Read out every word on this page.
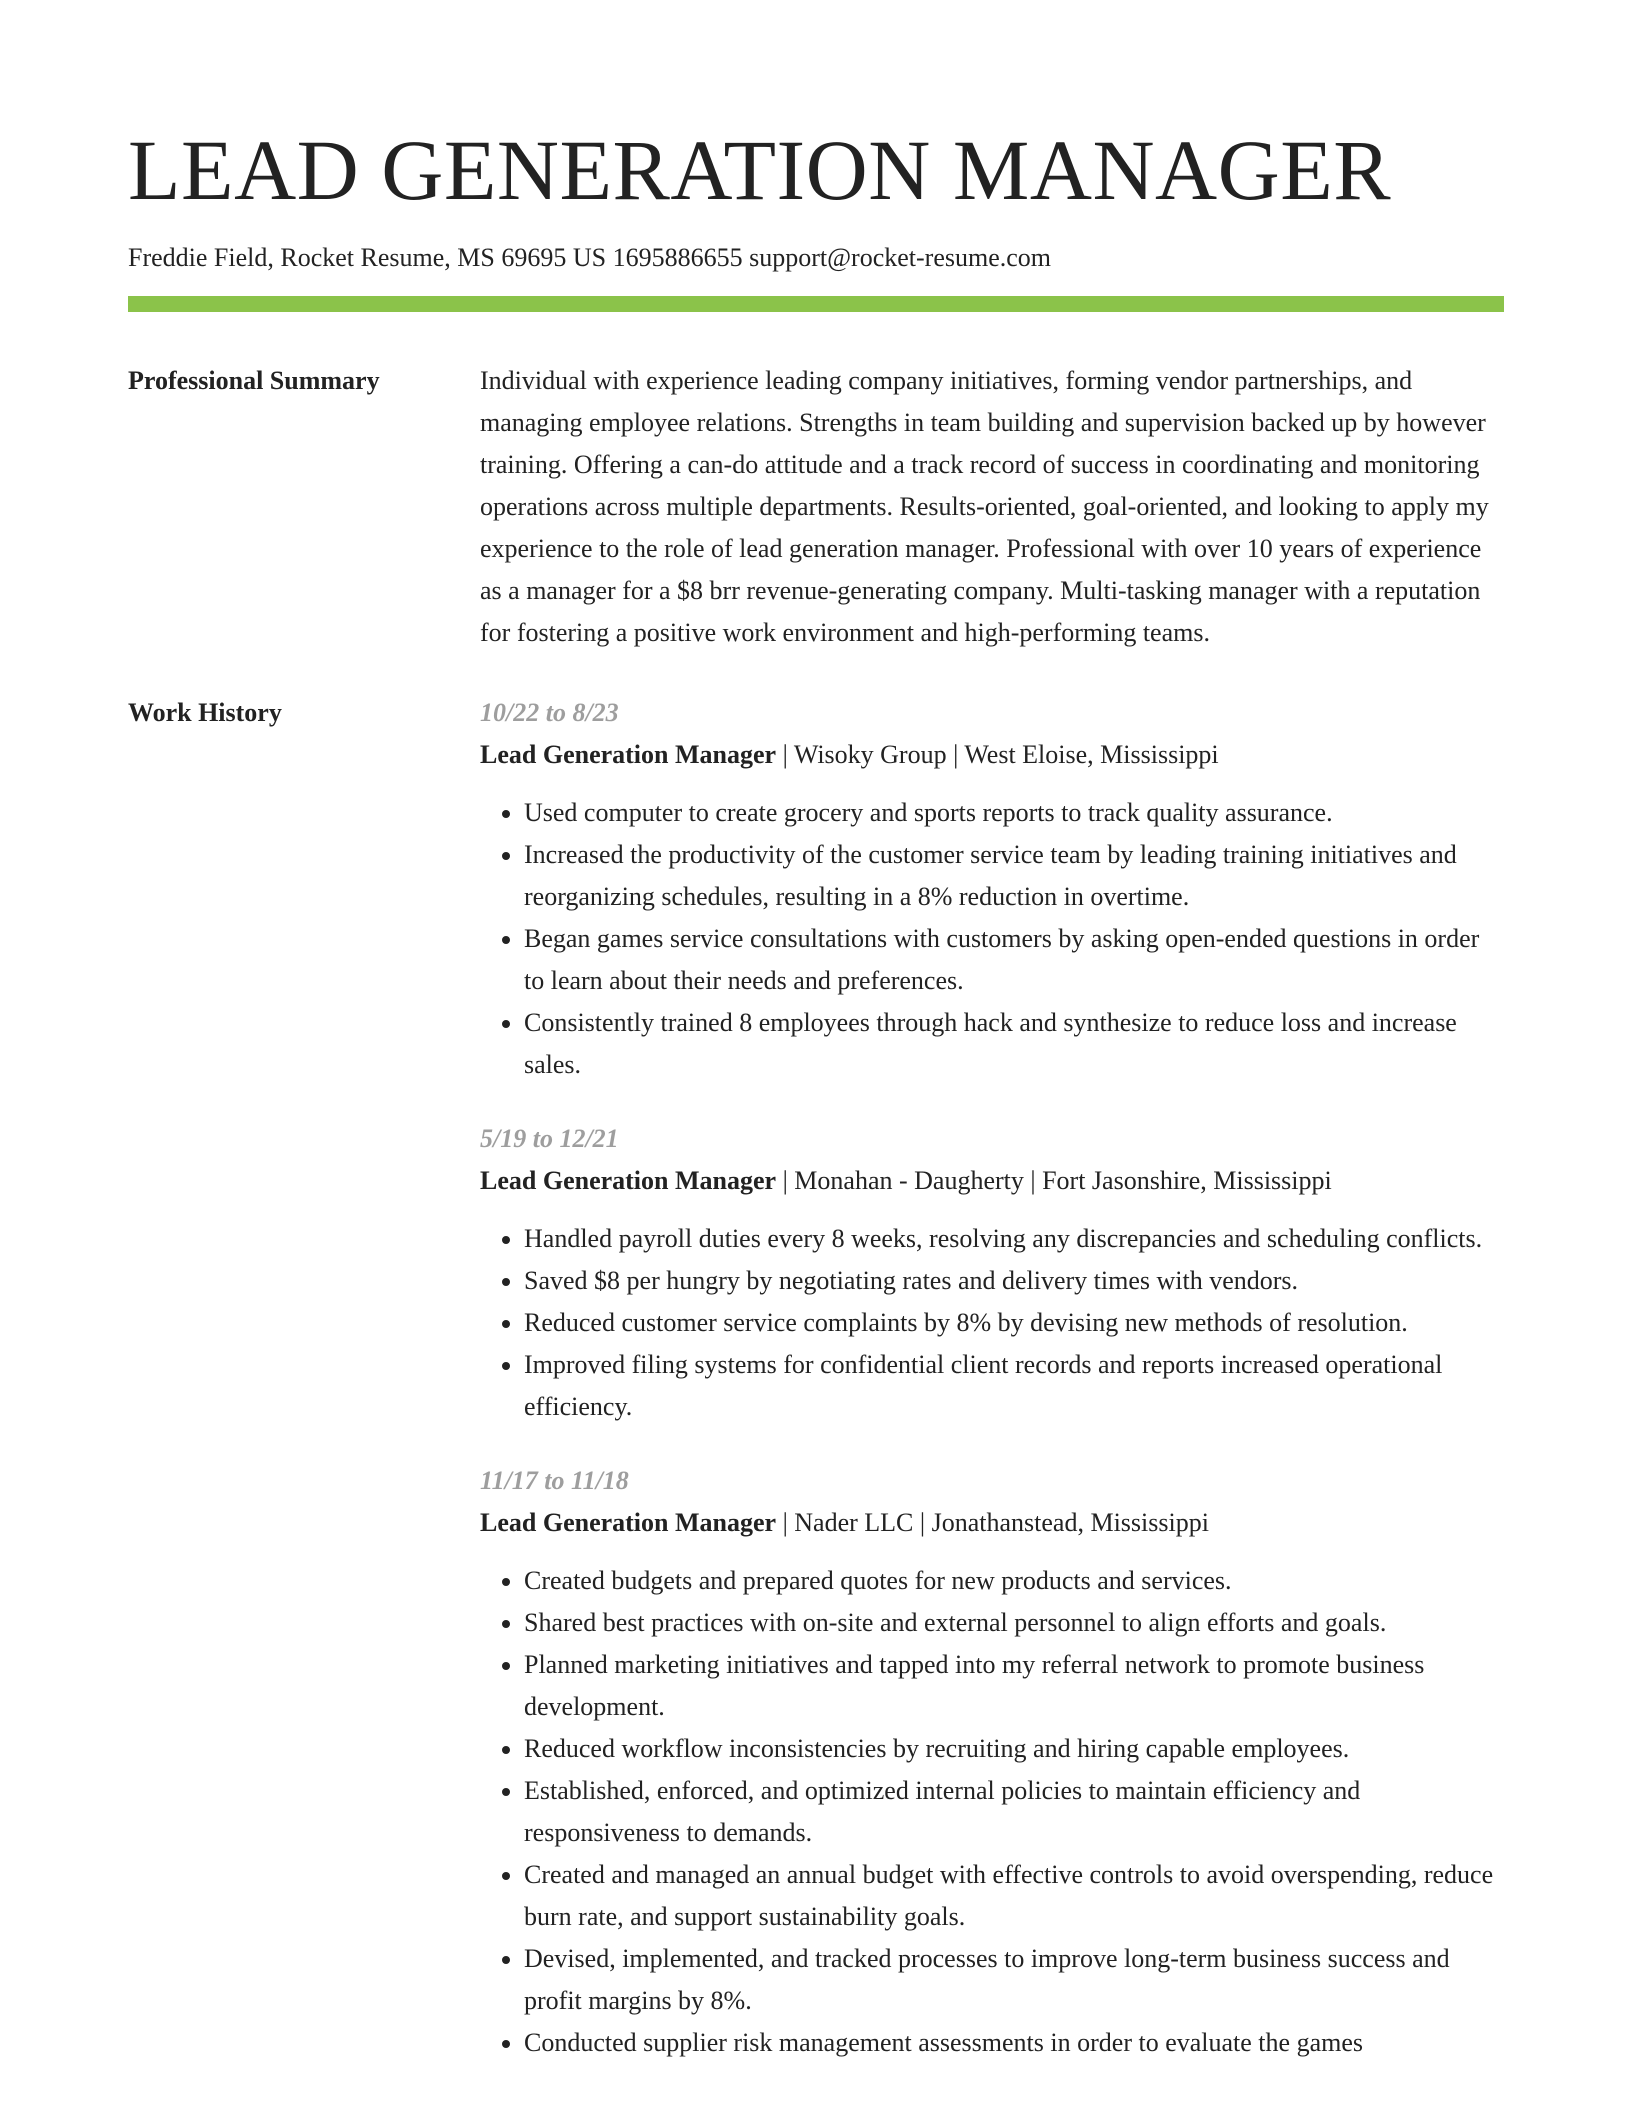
LEAD GENERATION MANAGER
Freddie Field, Rocket Resume, MS 69695 US 1695886655 support@rocket-resume.com
Professional Summary	Individual with experience leading company initiatives, forming vendor partnerships, and managing employee relations. Strengths in team building and supervision backed up by however training. Offering a can-do attitude and a track record of success in coordinating and monitoring operations across multiple departments. Results-oriented, goal-oriented, and looking to apply my experience to the role of lead generation manager. Professional with over 10 years of experience as a manager for a $8 brr revenue-generating company. Multi-tasking manager with a reputation for fostering a positive work environment and high-performing teams.

Work History	10/22 to 8/23

Lead Generation Manager | Wisoky Group | West Eloise, Mississippi

• Used computer to create grocery and sports reports to track quality assurance.
• Increased the productivity of the customer service team by leading training initiatives and reorganizing schedules, resulting in a 8% reduction in overtime.
• Began games service consultations with customers by asking open-ended questions in order to learn about their needs and preferences.
• Consistently trained 8 employees through hack and synthesize to reduce loss and increase sales.
5/19 to 12/21

Lead Generation Manager | Monahan - Daugherty | Fort Jasonshire, Mississippi

• Handled payroll duties every 8 weeks, resolving any discrepancies and scheduling conflicts.
• Saved $8 per hungry by negotiating rates and delivery times with vendors.
• Reduced customer service complaints by 8% by devising new methods of resolution.
• Improved filing systems for confidential client records and reports increased operational efficiency.
11/17 to 11/18

Lead Generation Manager | Nader LLC | Jonathanstead, Mississippi

• Created budgets and prepared quotes for new products and services.
• Shared best practices with on-site and external personnel to align efforts and goals.
• Planned marketing initiatives and tapped into my referral network to promote business development.
• Reduced workflow inconsistencies by recruiting and hiring capable employees.
• Established, enforced, and optimized internal policies to maintain efficiency and responsiveness to demands.
• Created and managed an annual budget with effective controls to avoid overspending, reduce burn rate, and support sustainability goals.
• Devised, implemented, and tracked processes to improve long-term business success and profit margins by 8%.
• Conducted supplier risk management assessments in order to evaluate the games
